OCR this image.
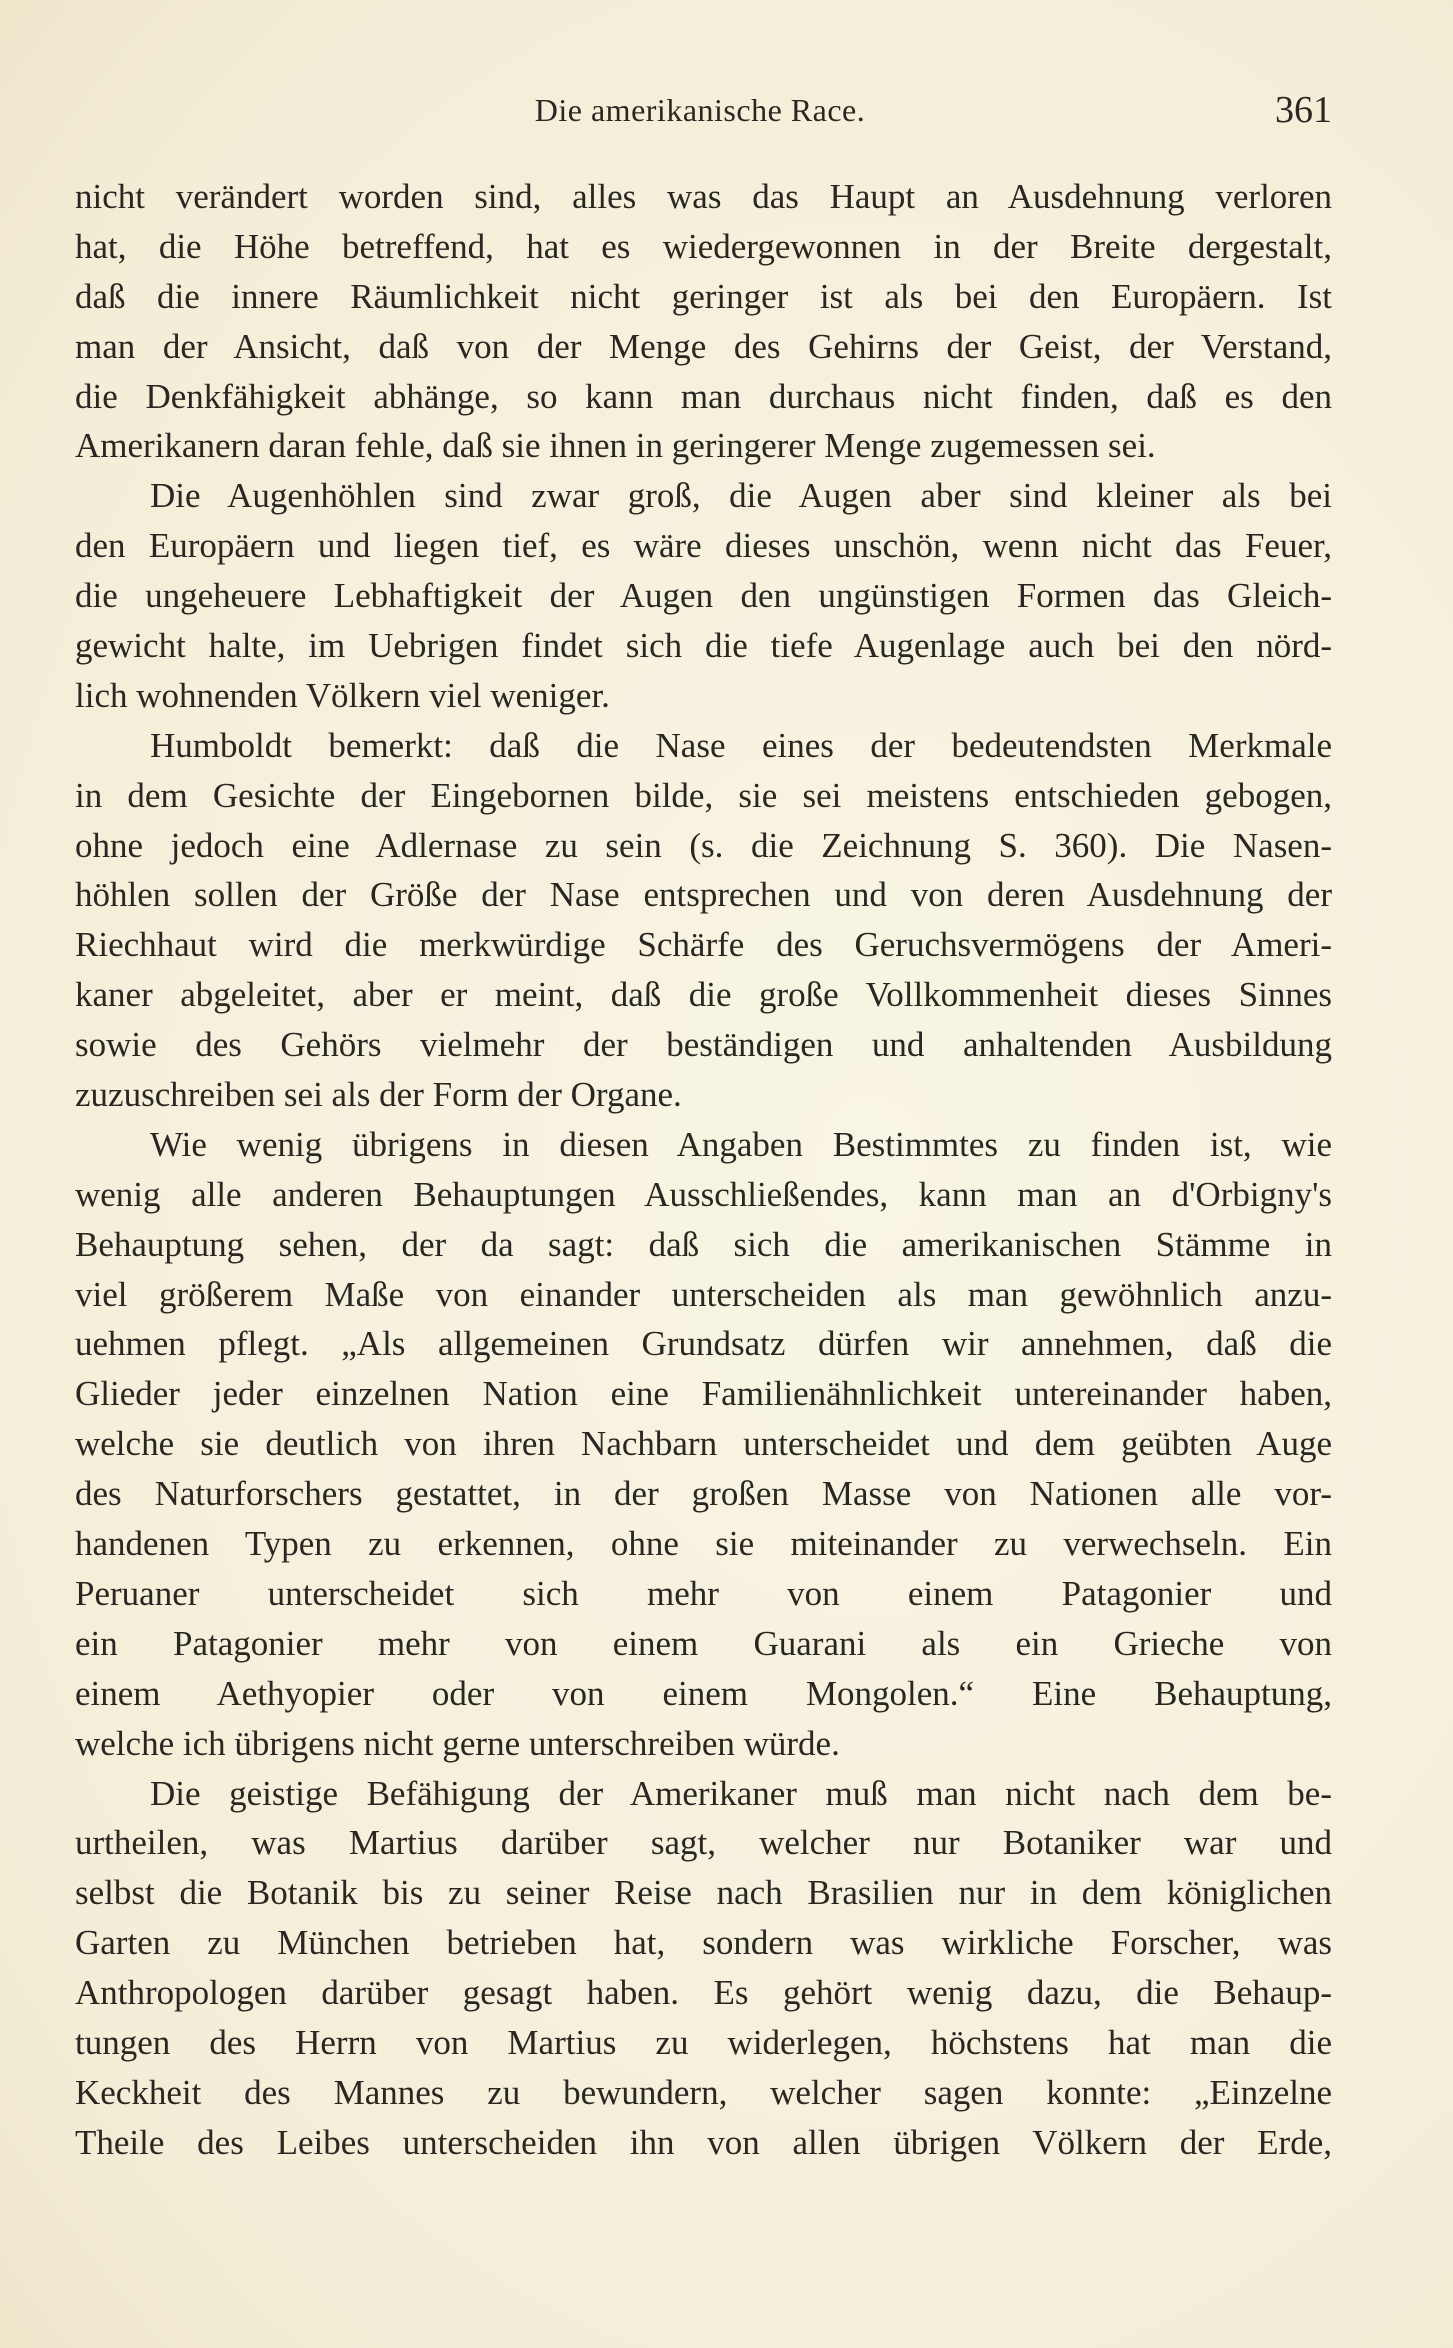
Die amerikanische Race.	361
nicht verändert worden sind, alles was das Haupt an Ausdehnung verloren
hat, die Höhe betreffend, hat es wiedergewonnen in der Breite dergestalt,
daß die innere Räumlichkeit nicht geringer ist als bei den Europäern. Ist
man der Ansicht, daß von der Menge des Gehirns der Geist, der Verstand,
die Denkfähigkeit abhänge, so kann man durchaus nicht finden, daß es den
Amerikanern daran fehle, daß sie ihnen in geringerer Menge zugemessen sei.
Die Augenhöhlen sind zwar groß, die Augen aber sind kleiner als bei
den Europäern und liegen tief, es wäre dieses unschön, wenn nicht das Feuer,
die ungeheuere Lebhaftigkeit der Augen den ungünstigen Formen das Gleich-
gewicht halte, im Uebrigen findet sich die tiefe Augenlage auch bei den nörd-
lich wohnenden Völkern viel weniger.
Humboldt bemerkt: daß die Nase eines der bedeutendsten Merkmale
in dem Gesichte der Eingebornen bilde, sie sei meistens entschieden gebogen,
ohne jedoch eine Adlernase zu sein (s. die Zeichnung S. 360). Die Nasen-
höhlen sollen der Größe der Nase entsprechen und von deren Ausdehnung der
Riechhaut wird die merkwürdige Schärfe des Geruchsvermögens der Ameri-
kaner abgeleitet, aber er meint, daß die große Vollkommenheit dieses Sinnes
sowie des Gehörs vielmehr der beständigen und anhaltenden Ausbildung
zuzuschreiben sei als der Form der Organe.
Wie wenig übrigens in diesen Angaben Bestimmtes zu finden ist, wie
wenig alle anderen Behauptungen Ausschließendes, kann man an d'Orbigny's
Behauptung sehen, der da sagt: daß sich die amerikanischen Stämme in
viel größerem Maße von einander unterscheiden als man gewöhnlich anzu-
uehmen pflegt. „Als allgemeinen Grundsatz dürfen wir annehmen, daß die
Glieder jeder einzelnen Nation eine Familienähnlichkeit untereinander haben,
welche sie deutlich von ihren Nachbarn unterscheidet und dem geübten Auge
des Naturforschers gestattet, in der großen Masse von Nationen alle vor-
handenen Typen zu erkennen, ohne sie miteinander zu verwechseln. Ein
Peruaner unterscheidet sich mehr von einem Patagonier und
ein Patagonier mehr von einem Guarani als ein Grieche von
einem Aethyopier oder von einem Mongolen.“ Eine Behauptung,
welche ich übrigens nicht gerne unterschreiben würde.
Die geistige Befähigung der Amerikaner muß man nicht nach dem be-
urtheilen, was Martius darüber sagt, welcher nur Botaniker war und
selbst die Botanik bis zu seiner Reise nach Brasilien nur in dem königlichen
Garten zu München betrieben hat, sondern was wirkliche Forscher, was
Anthropologen darüber gesagt haben. Es gehört wenig dazu, die Behaup-
tungen des Herrn von Martius zu widerlegen, höchstens hat man die
Keckheit des Mannes zu bewundern, welcher sagen konnte: „Einzelne
Theile des Leibes unterscheiden ihn von allen übrigen Völkern der Erde,
